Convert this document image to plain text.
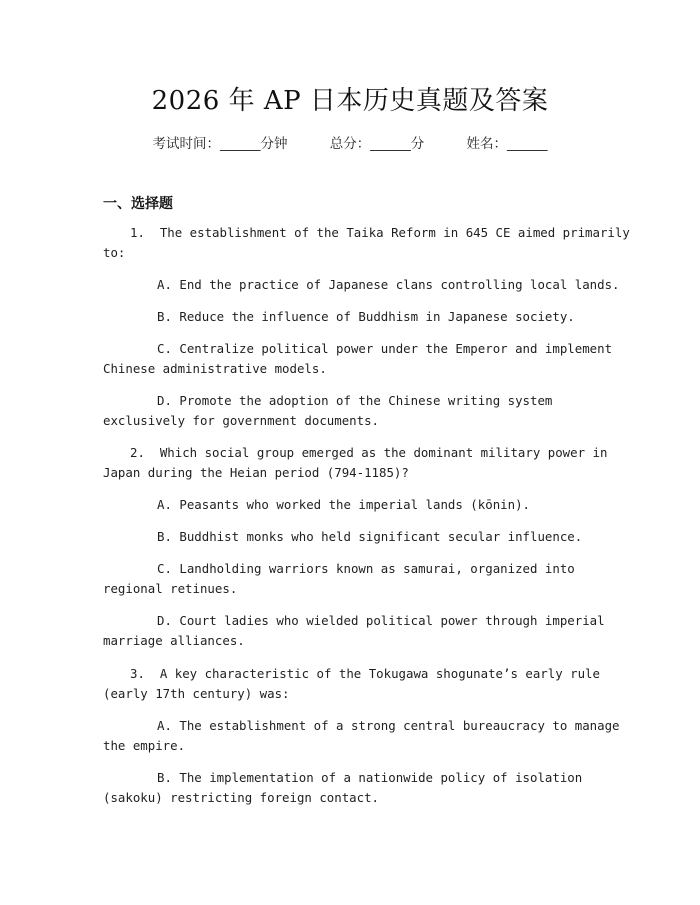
2026 年 AP 日本历史真题及答案
考试时间：______分钟	总分：______分	姓名：______
一、选择题
1.  The establishment of the Taika Reform in 645 CE aimed primarily
to:
A. End the practice of Japanese clans controlling local lands.
B. Reduce the influence of Buddhism in Japanese society.
C. Centralize political power under the Emperor and implement
Chinese administrative models.
D. Promote the adoption of the Chinese writing system
exclusively for government documents.
2.  Which social group emerged as the dominant military power in
Japan during the Heian period (794-1185)?
A. Peasants who worked the imperial lands (kōnin).
B. Buddhist monks who held significant secular influence.
C. Landholding warriors known as samurai, organized into
regional retinues.
D. Court ladies who wielded political power through imperial
marriage alliances.
3.  A key characteristic of the Tokugawa shogunate’s early rule
(early 17th century) was:
A. The establishment of a strong central bureaucracy to manage
the empire.
B. The implementation of a nationwide policy of isolation
(sakoku) restricting foreign contact.
